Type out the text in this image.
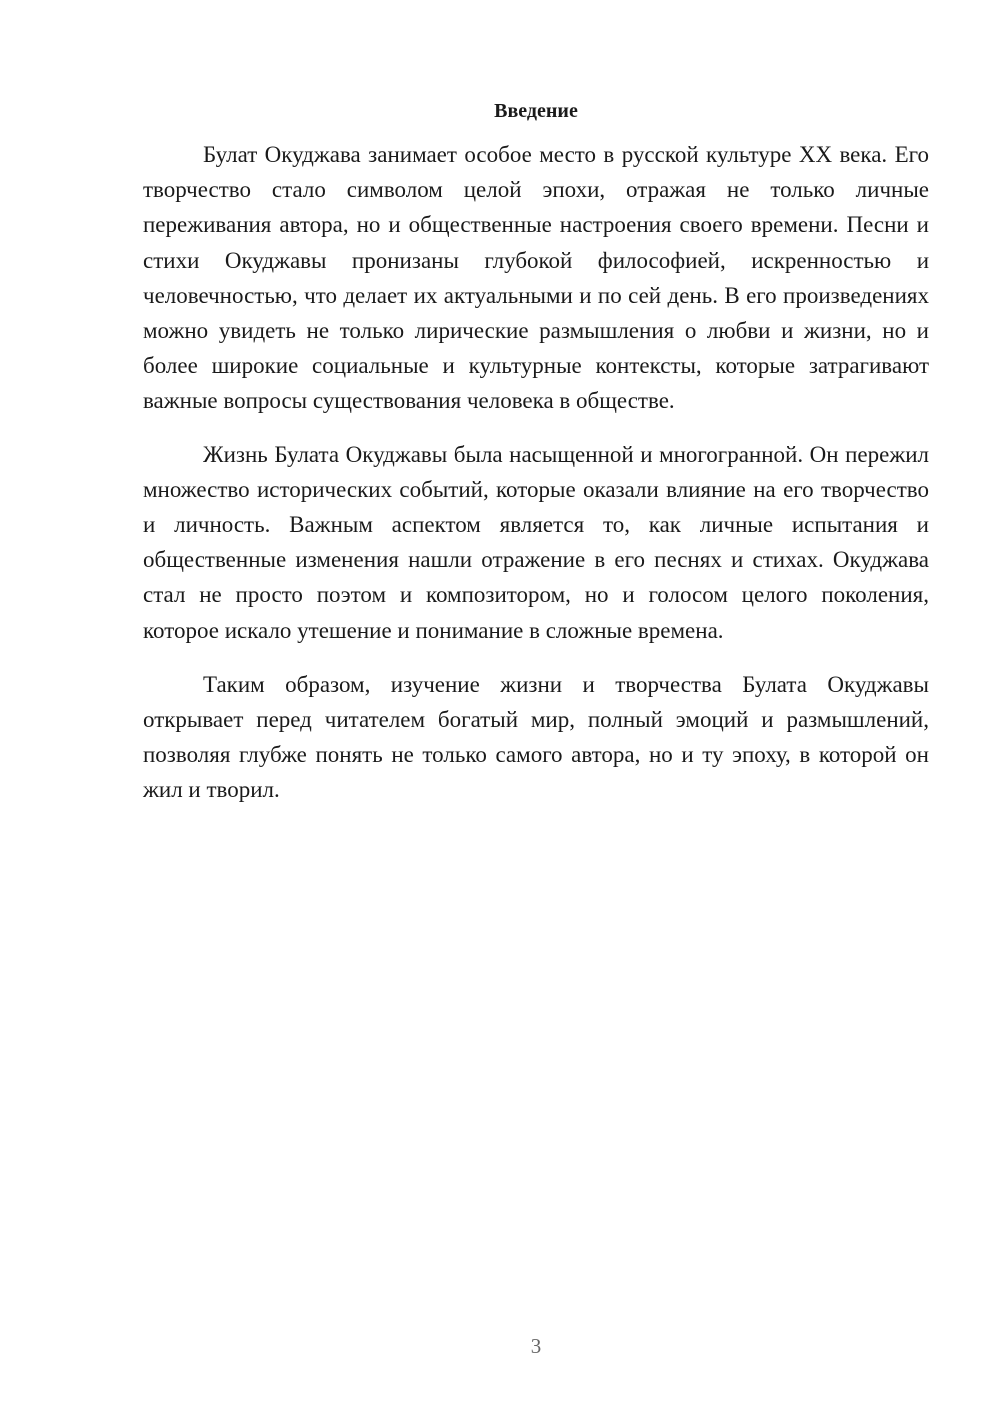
Введение

Булат Окуджава занимает особое место в русской культуре XX века. Его творчество стало символом целой эпохи, отражая не только личные переживания автора, но и общественные настроения своего времени. Песни и стихи Окуджавы пронизаны глубокой философией, искренностью и человечностью, что делает их актуальными и по сей день. В его произведениях можно увидеть не только лирические размышления о любви и жизни, но и более широкие социальные и культурные контексты, которые затрагивают важные вопросы существования человека в обществе.

Жизнь Булата Окуджавы была насыщенной и многогранной. Он пережил множество исторических событий, которые оказали влияние на его творчество и личность. Важным аспектом является то, как личные испытания и общественные изменения нашли отражение в его песнях и стихах. Окуджава стал не просто поэтом и композитором, но и голосом целого поколения, которое искало утешение и понимание в сложные времена.

Таким образом, изучение жизни и творчества Булата Окуджавы открывает перед читателем богатый мир, полный эмоций и размышлений, позволяя глубже понять не только самого автора, но и ту эпоху, в которой он жил и творил.

3
